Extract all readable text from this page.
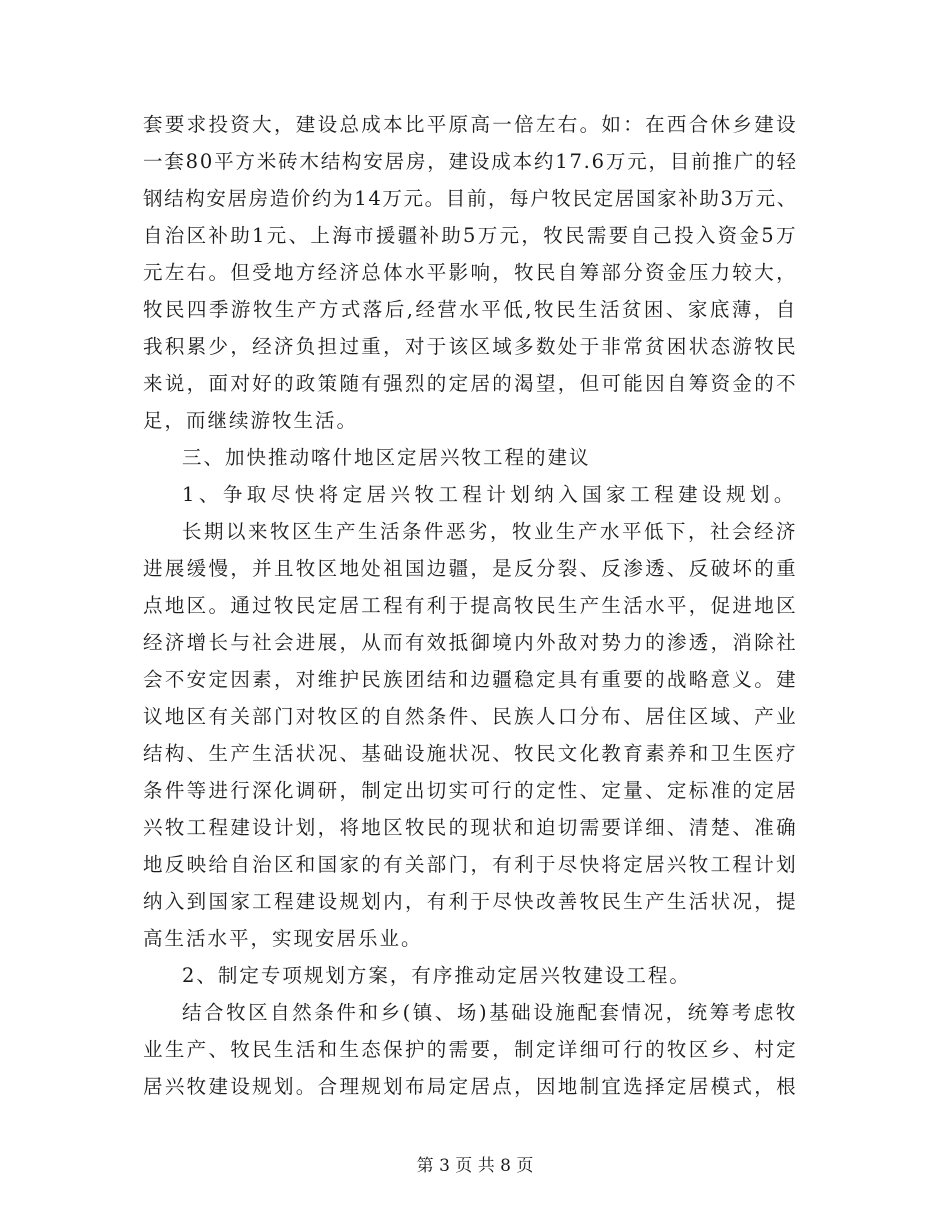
套要求投资大，建设总成本比平原高一倍左右。如：在西合休乡建设
一套80平方米砖木结构安居房，建设成本约17.6万元，目前推广的轻
钢结构安居房造价约为14万元。目前，每户牧民定居国家补助3万元、
自治区补助1元、上海市援疆补助5万元，牧民需要自己投入资金5万
元左右。但受地方经济总体水平影响，牧民自筹部分资金压力较大，
牧民四季游牧生产方式落后,经营水平低,牧民生活贫困、家底薄，自
我积累少，经济负担过重，对于该区域多数处于非常贫困状态游牧民
来说，面对好的政策随有强烈的定居的渴望，但可能因自筹资金的不
足，而继续游牧生活。
三、加快推动喀什地区定居兴牧工程的建议
1、争取尽快将定居兴牧工程计划纳入国家工程建设规划。
长期以来牧区生产生活条件恶劣，牧业生产水平低下，社会经济
进展缓慢，并且牧区地处祖国边疆，是反分裂、反渗透、反破坏的重
点地区。通过牧民定居工程有利于提高牧民生产生活水平，促进地区
经济增长与社会进展，从而有效抵御境内外敌对势力的渗透，消除社
会不安定因素，对维护民族团结和边疆稳定具有重要的战略意义。建
议地区有关部门对牧区的自然条件、民族人口分布、居住区域、产业
结构、生产生活状况、基础设施状况、牧民文化教育素养和卫生医疗
条件等进行深化调研，制定出切实可行的定性、定量、定标准的定居
兴牧工程建设计划，将地区牧民的现状和迫切需要详细、清楚、准确
地反映给自治区和国家的有关部门，有利于尽快将定居兴牧工程计划
纳入到国家工程建设规划内，有利于尽快改善牧民生产生活状况，提
高生活水平，实现安居乐业。
2、制定专项规划方案，有序推动定居兴牧建设工程。
结合牧区自然条件和乡(镇、场)基础设施配套情况，统筹考虑牧
业生产、牧民生活和生态保护的需要，制定详细可行的牧区乡、村定
居兴牧建设规划。合理规划布局定居点，因地制宜选择定居模式，根
第 3 页 共 8 页
